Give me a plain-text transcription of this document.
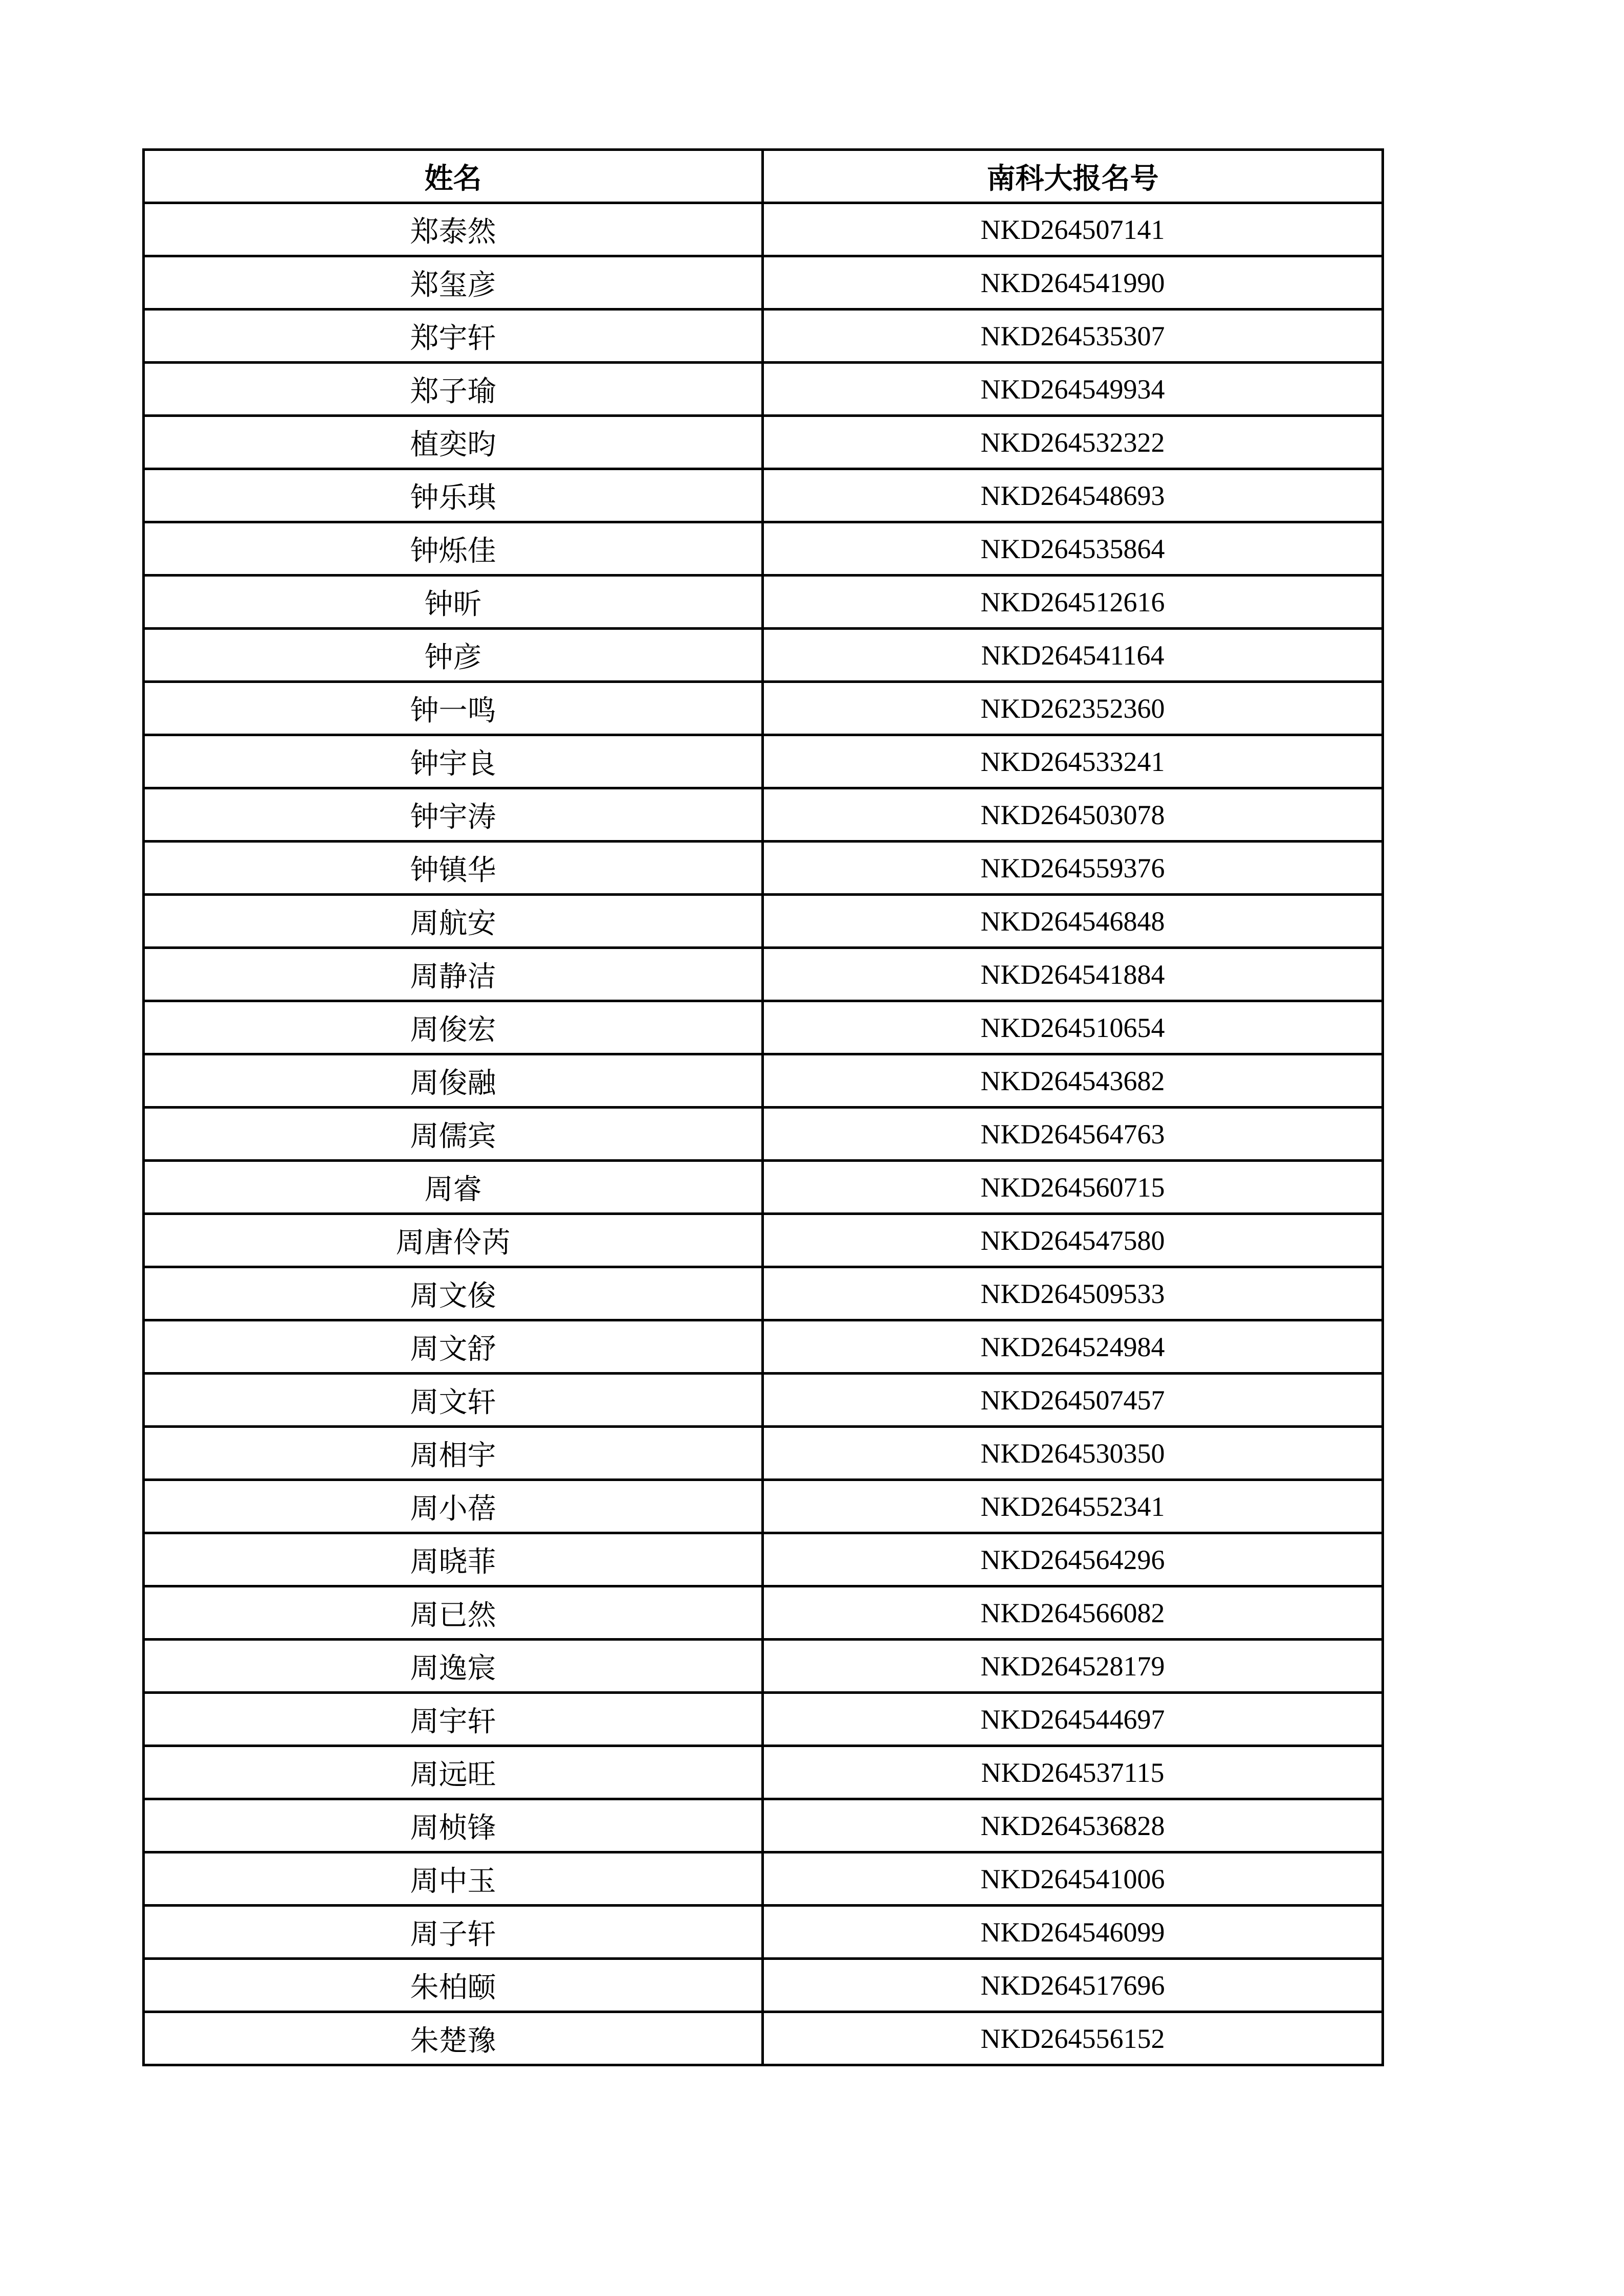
姓名	南科大报名号
郑泰然	NKD264507141
郑玺彦	NKD264541990
郑宇轩	NKD264535307
郑子瑜	NKD264549934
植奕昀	NKD264532322
钟乐琪	NKD264548693
钟烁佳	NKD264535864
钟昕	NKD264512616
钟彦	NKD264541164
钟一鸣	NKD262352360
钟宇良	NKD264533241
钟宇涛	NKD264503078
钟镇华	NKD264559376
周航安	NKD264546848
周静洁	NKD264541884
周俊宏	NKD264510654
周俊融	NKD264543682
周儒宾	NKD264564763
周睿	NKD264560715
周唐伶芮	NKD264547580
周文俊	NKD264509533
周文舒	NKD264524984
周文轩	NKD264507457
周相宇	NKD264530350
周小蓓	NKD264552341
周晓菲	NKD264564296
周已然	NKD264566082
周逸宸	NKD264528179
周宇轩	NKD264544697
周远旺	NKD264537115
周桢锋	NKD264536828
周中玉	NKD264541006
周子轩	NKD264546099
朱柏颐	NKD264517696
朱楚豫	NKD264556152
